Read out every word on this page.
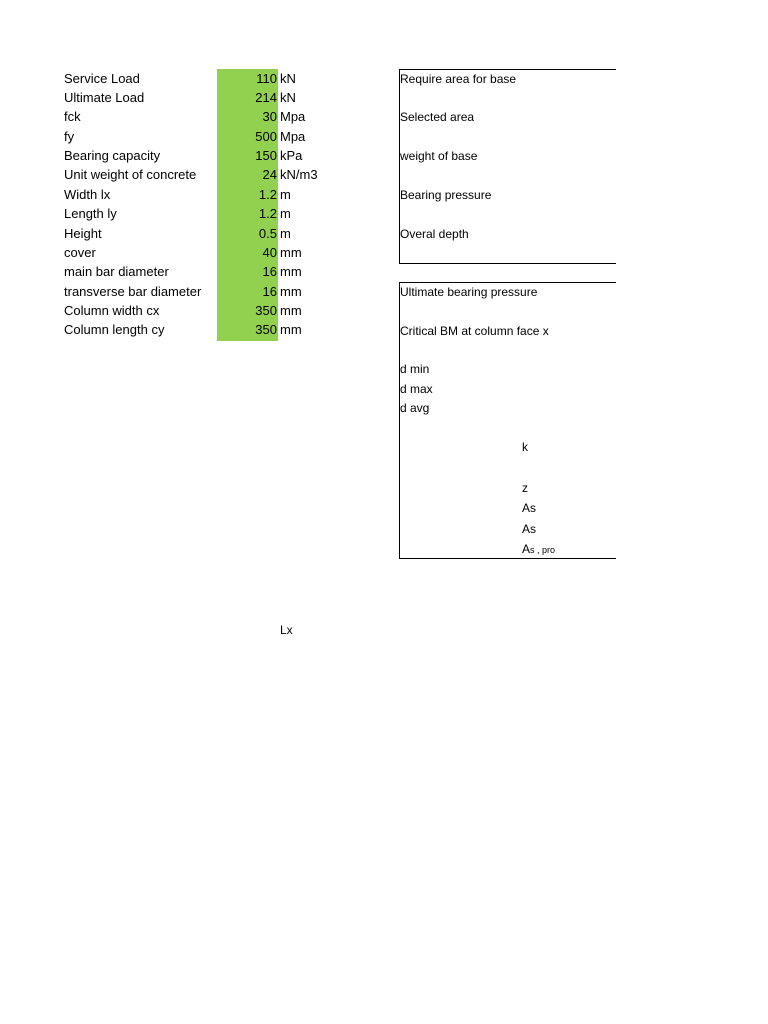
Service Load	110 kN
Ultimate Load	214 kN
fck	30 Mpa
fy	500 Mpa
Bearing capacity	150 kPa
Unit weight of concrete	24 kN/m3
Width lx	1.2 m
Length ly	1.2 m
Height	0.5 m
cover	40 mm
main bar diameter	16 mm
transverse bar diameter	16 mm
Column width cx	350 mm
Column length cy	350 mm
Require area for base
Selected area
weight of base
Bearing pressure
Overal depth
Ultimate bearing pressure
Critical BM at column face x
d min
d max
d avg
k
z
As
As
As , pro
Lx
